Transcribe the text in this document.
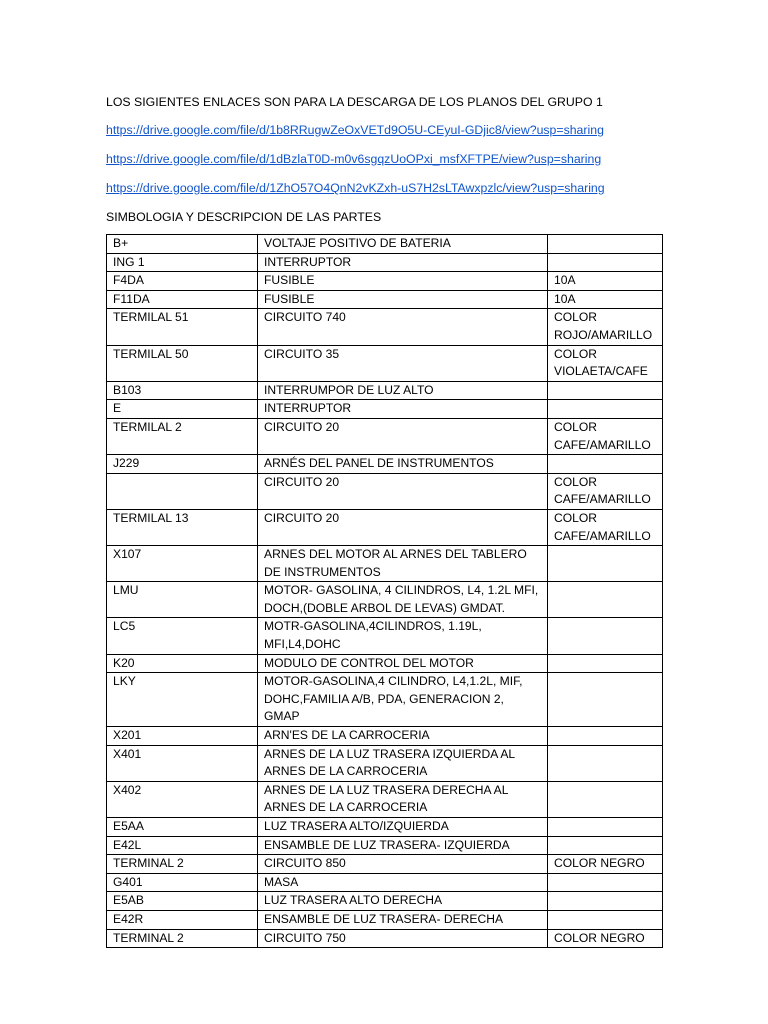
LOS SIGIENTES ENLACES SON PARA LA DESCARGA DE LOS PLANOS DEL GRUPO 1

https://drive.google.com/file/d/1b8RRugwZeOxVETd9O5U-CEyuI-GDjic8/view?usp=sharing
https://drive.google.com/file/d/1dBzlaT0D-m0v6sgqzUoOPxi_msfXFTPE/view?usp=sharing
https://drive.google.com/file/d/1ZhO57O4QnN2vKZxh-uS7H2sLTAwxpzlc/view?usp=sharing
SIMBOLOGIA Y DESCRIPCION DE LAS PARTES
B+	VOLTAJE POSITIVO DE BATERIA	
ING 1	INTERRUPTOR	
F4DA	FUSIBLE	10A
F11DA	FUSIBLE	10A
TERMILAL 51	CIRCUITO 740	COLOR ROJO/AMARILLO
TERMILAL 50	CIRCUITO 35	COLOR VIOLAETA/CAFE
B103	INTERRUMPOR DE LUZ ALTO	
E	INTERRUPTOR	
TERMILAL 2	CIRCUITO 20	COLOR CAFE/AMARILLO
J229	ARNÉS DEL PANEL DE INSTRUMENTOS	
	CIRCUITO 20	COLOR CAFE/AMARILLO
TERMILAL 13	CIRCUITO 20	COLOR CAFE/AMARILLO
X107	ARNES DEL MOTOR AL ARNES DEL TABLERO DE INSTRUMENTOS	
LMU	MOTOR- GASOLINA, 4 CILINDROS, L4, 1.2L MFI, DOCH,(DOBLE ARBOL DE LEVAS) GMDAT.	
LC5	MOTR-GASOLINA,4CILINDROS, 1.19L, MFI,L4,DOHC	
K20	MODULO DE CONTROL DEL MOTOR	
LKY	MOTOR-GASOLINA,4 CILINDRO, L4,1.2L, MIF, DOHC,FAMILIA A/B, PDA, GENERACION 2, GMAP	
X201	ARN'ES DE LA CARROCERIA	
X401	ARNES DE LA LUZ TRASERA IZQUIERDA AL ARNES DE LA CARROCERIA	
X402	ARNES DE LA LUZ TRASERA DERECHA AL ARNES DE LA CARROCERIA	
E5AA	LUZ TRASERA ALTO/IZQUIERDA	
E42L	ENSAMBLE DE LUZ TRASERA- IZQUIERDA	
TERMINAL 2	CIRCUITO 850	COLOR NEGRO
G401	MASA	
E5AB	LUZ TRASERA ALTO DERECHA	
E42R	ENSAMBLE DE LUZ TRASERA- DERECHA	
TERMINAL 2	CIRCUITO 750	COLOR NEGRO
